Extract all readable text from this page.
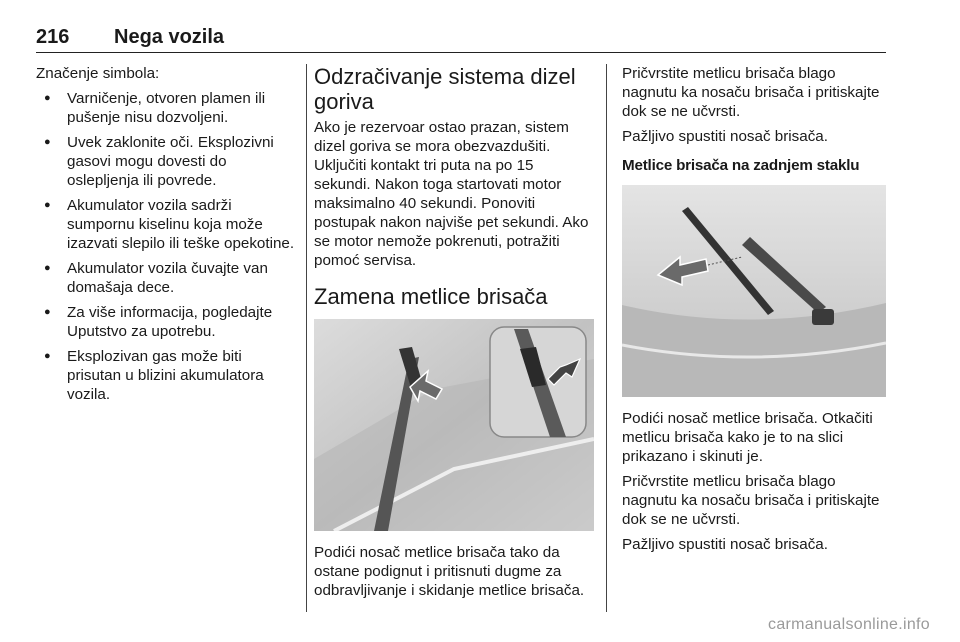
216 Nega vozila

Značenje simbola:

● Varničenje, otvoren plamen ili pušenje nisu dozvoljeni.
● Uvek zaklonite oči. Eksplozivni gasovi mogu dovesti do oslepljenja ili povrede.
● Akumulator vozila sadrži sumpornu kiselinu koja može izazvati slepilo ili teške opekotine.
● Akumulator vozila čuvajte van domašaja dece.
● Za više informacija, pogledajte Uputstvo za upotrebu.
● Eksplozivan gas može biti prisutan u blizini akumulatora vozila.
Odzračivanje sistema dizel goriva

Ako je rezervoar ostao prazan, sistem dizel goriva se mora obezvazdušiti. Uključiti kontakt tri puta na po 15 sekundi. Nakon toga startovati motor maksimalno 40 sekundi. Ponoviti postupak nakon najviše pet sekundi. Ako se motor nemože pokrenuti, potražiti pomoć servisa.

Zamena metlice brisača

Podići nosač metlice brisača tako da ostane podignut i pritisnuti dugme za odbravljivanje i skidanje metlice brisača.

Pričvrstite metlicu brisača blago nagnutu ka nosaču brisača i pritiskajte dok se ne učvrsti.

Pažljivo spustiti nosač brisača.

Metlice brisača na zadnjem staklu

Podići nosač metlice brisača. Otkačiti metlicu brisača kako je to na slici prikazano i skinuti je.

Pričvrstite metlicu brisača blago nagnutu ka nosaču brisača i pritiskajte dok se ne učvrsti.

Pažljivo spustiti nosač brisača.

carmanualsonline.info
